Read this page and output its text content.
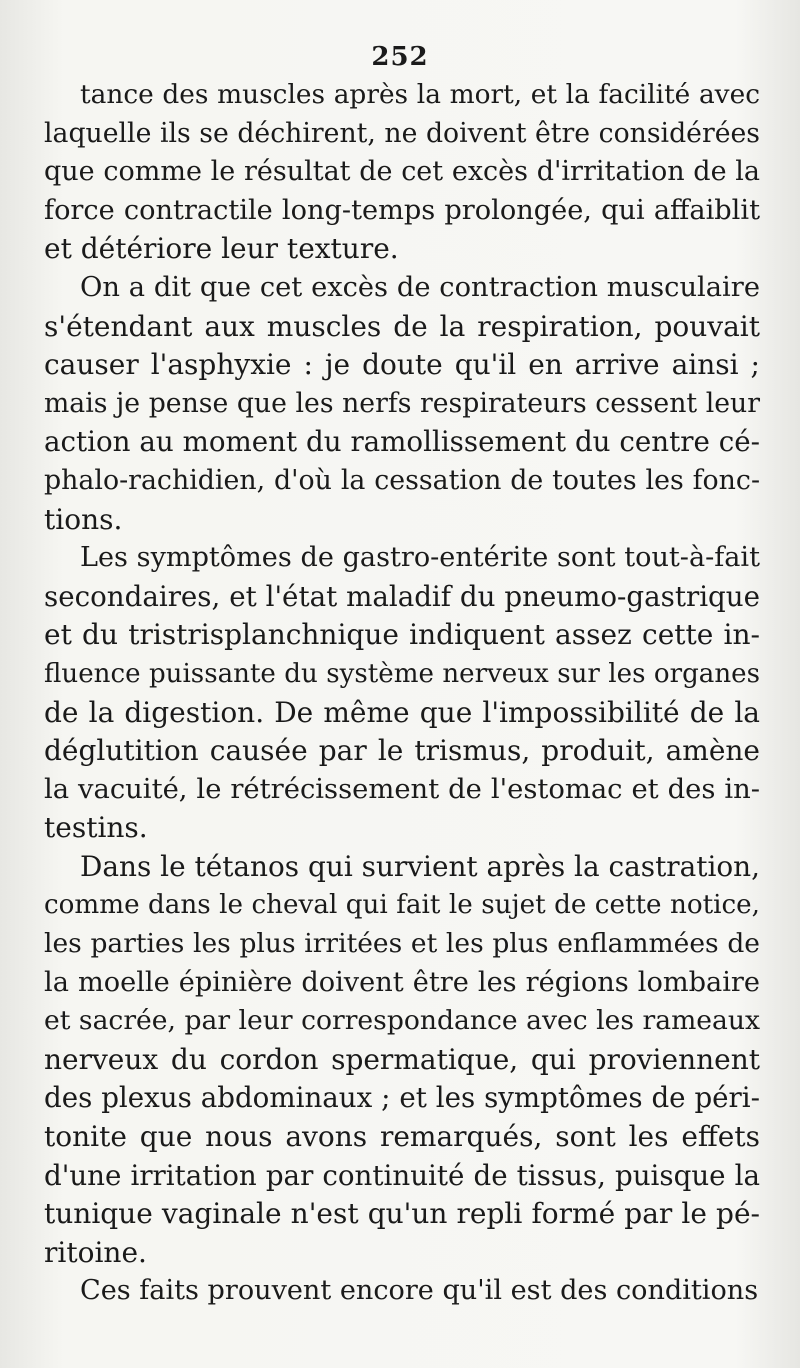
252
tance des muscles après la mort, et la facilité avec
laquelle ils se déchirent, ne doivent être considérées
que comme le résultat de cet excès d'irritation de la
force contractile long-temps prolongée, qui affaiblit
et détériore leur texture.
On a dit que cet excès de contraction musculaire
s'étendant aux muscles de la respiration, pouvait
causer l'asphyxie : je doute qu'il en arrive ainsi ;
mais je pense que les nerfs respirateurs cessent leur
action au moment du ramollissement du centre cé-
phalo-rachidien, d'où la cessation de toutes les fonc-
tions.
Les symptômes de gastro-entérite sont tout-à-fait
secondaires, et l'état maladif du pneumo-gastrique
et du tristrisplanchnique indiquent assez cette in-
fluence puissante du système nerveux sur les organes
de la digestion. De même que l'impossibilité de la
déglutition causée par le trismus, produit, amène
la vacuité, le rétrécissement de l'estomac et des in-
testins.
Dans le tétanos qui survient après la castration,
comme dans le cheval qui fait le sujet de cette notice,
les parties les plus irritées et les plus enflammées de
la moelle épinière doivent être les régions lombaire
et sacrée, par leur correspondance avec les rameaux
nerveux du cordon spermatique, qui proviennent
des plexus abdominaux ; et les symptômes de péri-
tonite que nous avons remarqués, sont les effets
d'une irritation par continuité de tissus, puisque la
tunique vaginale n'est qu'un repli formé par le pé-
ritoine.
Ces faits prouvent encore qu'il est des conditions
